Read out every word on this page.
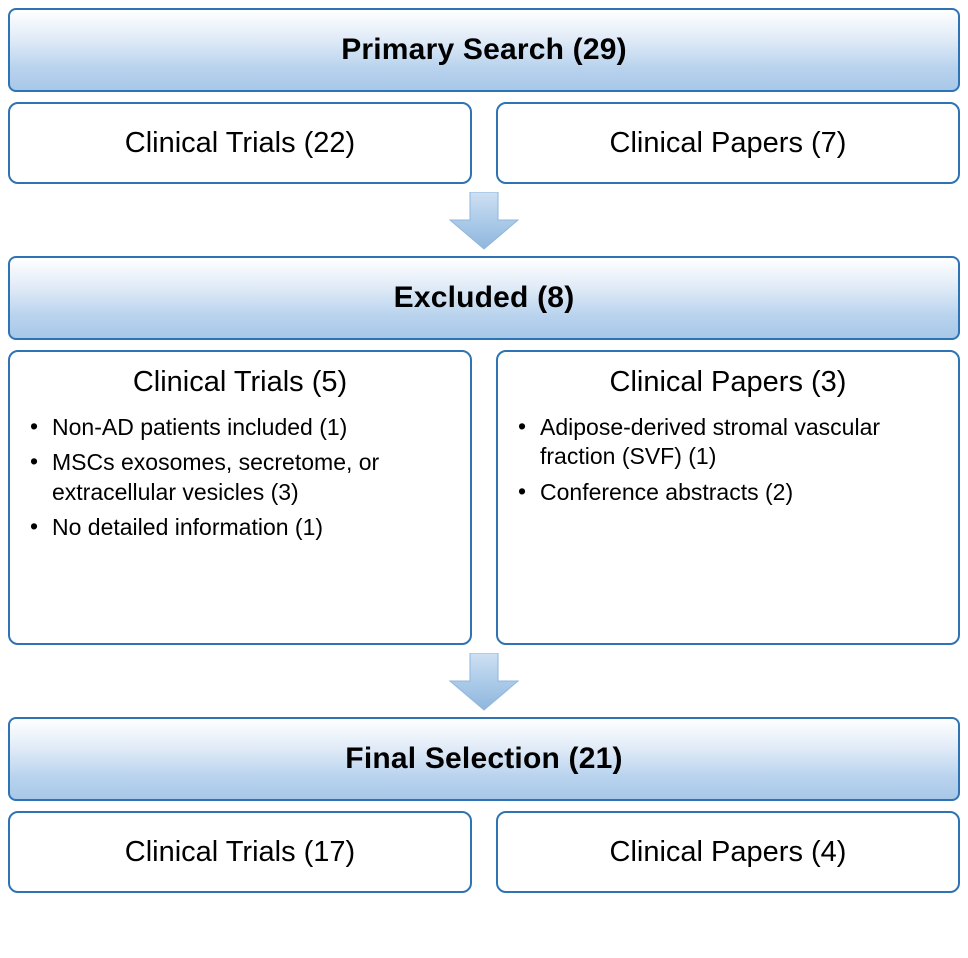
Primary Search (29)
Clinical Trials (22)	Clinical Papers (7)
Excluded (8)
Clinical Trials (5)
• Non-AD patients included (1)
• MSCs exosomes, secretome, or extracellular vesicles (3)
• No detailed information (1)
Clinical Papers (3)
• Adipose-derived stromal vascular fraction (SVF) (1)
• Conference abstracts (2)
Final Selection (21)
Clinical Trials (17)	Clinical Papers (4)
